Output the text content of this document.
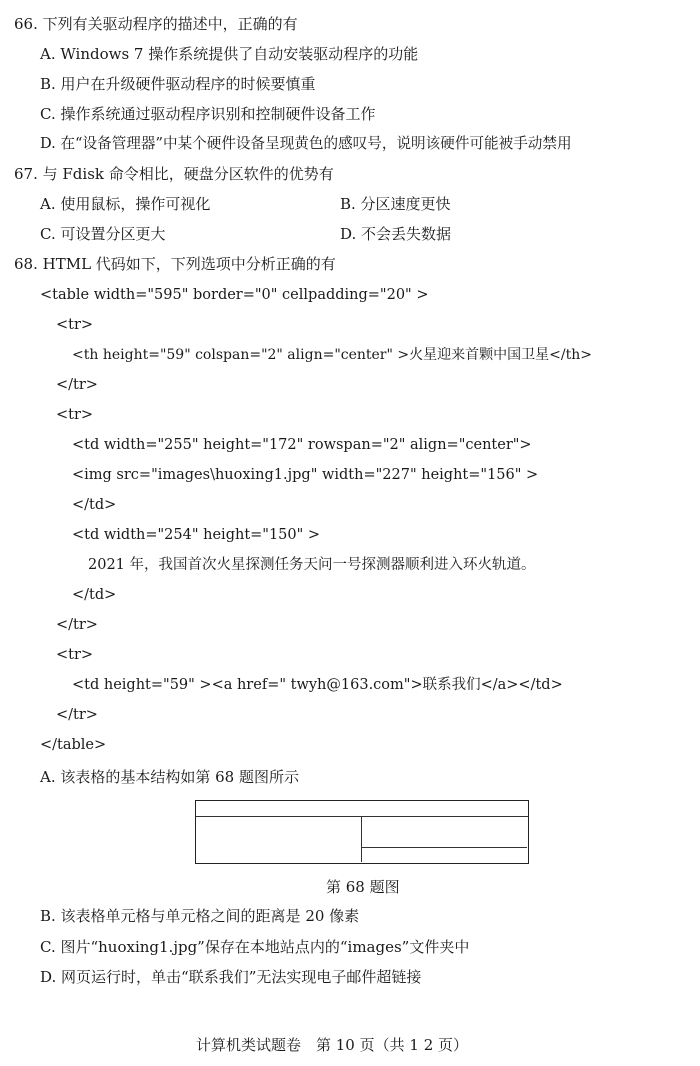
66. 下列有关驱动程序的描述中，正确的有
A. Windows 7 操作系统提供了自动安装驱动程序的功能
B. 用户在升级硬件驱动程序的时候要慎重
C. 操作系统通过驱动程序识别和控制硬件设备工作
D. 在“设备管理器”中某个硬件设备呈现黄色的感叹号，说明该硬件可能被手动禁用
67. 与 Fdisk 命令相比，硬盘分区软件的优势有
A. 使用鼠标，操作可视化	B. 分区速度更快
C. 可设置分区更大	D. 不会丢失数据
68. HTML 代码如下，下列选项中分析正确的有
<table width="595" border="0" cellpadding="20" >
<tr>
<th height="59" colspan="2" align="center" >火星迎来首颗中国卫星</th>
</tr>
<tr>
<td width="255" height="172" rowspan="2" align="center">
<img src="images\huoxing1.jpg" width="227" height="156" >
</td>
<td width="254" height="150" >
2021 年，我国首次火星探测任务天问一号探测器顺利进入环火轨道。
</td>
</tr>
<tr>
<td height="59" ><a href=" twyh@163.com">联系我们</a></td>
</tr>
</table>
A. 该表格的基本结构如第 68 题图所示
第 68 题图
B. 该表格单元格与单元格之间的距离是 20 像素
C. 图片“huoxing1.jpg”保存在本地站点内的“images”文件夹中
D. 网页运行时，单击“联系我们”无法实现电子邮件超链接
计算机类试题卷　第 10 页（共 1 2 页）
